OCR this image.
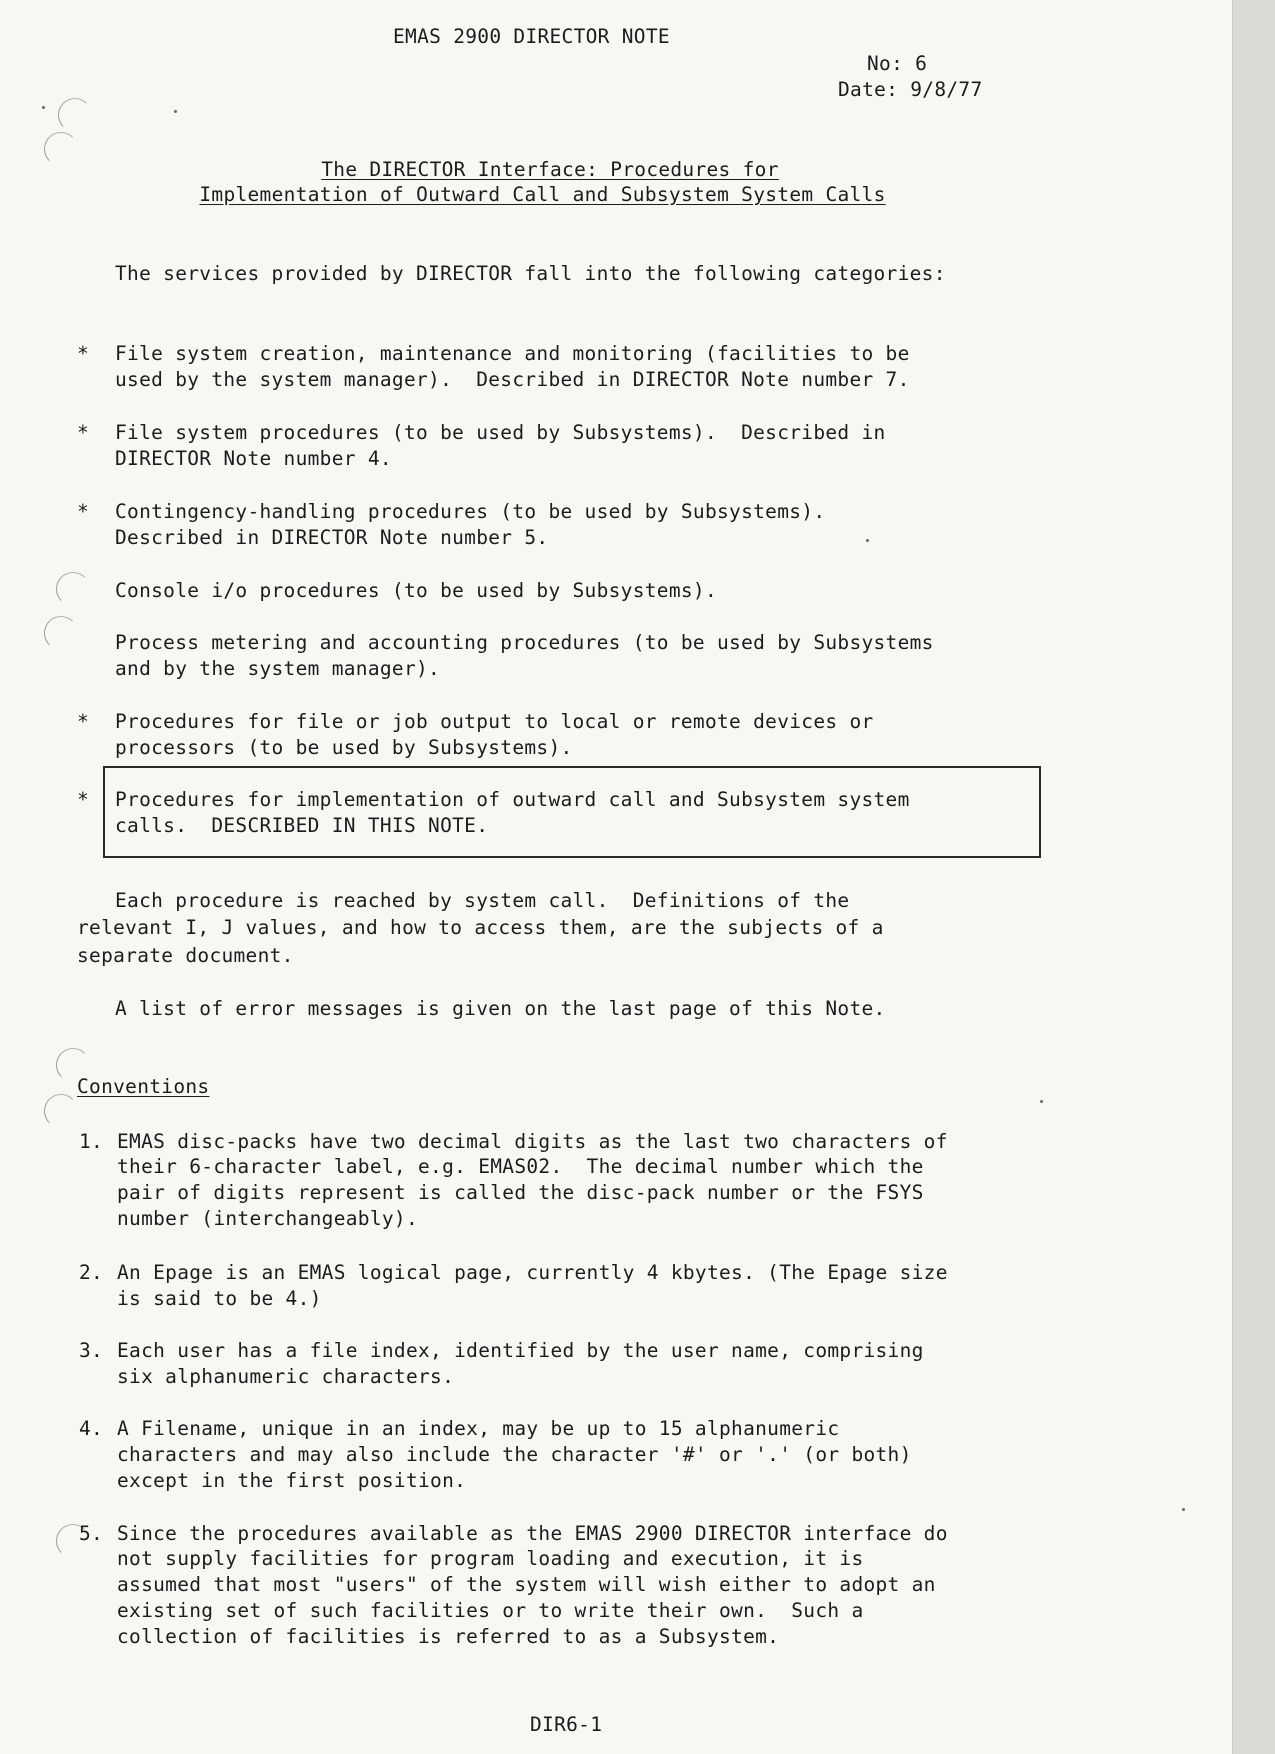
EMAS 2900 DIRECTOR NOTE
No: 6
Date: 9/8/77
The DIRECTOR Interface: Procedures for
Implementation of Outward Call and Subsystem System Calls
The services provided by DIRECTOR fall into the following categories:
* File system creation, maintenance and monitoring (facilities to be
used by the system manager).  Described in DIRECTOR Note number 7.
* File system procedures (to be used by Subsystems).  Described in
DIRECTOR Note number 4.
* Contingency-handling procedures (to be used by Subsystems).
Described in DIRECTOR Note number 5.
Console i/o procedures (to be used by Subsystems).
Process metering and accounting procedures (to be used by Subsystems
and by the system manager).
* Procedures for file or job output to local or remote devices or
processors (to be used by Subsystems).
* Procedures for implementation of outward call and Subsystem system
calls.  DESCRIBED IN THIS NOTE.
Each procedure is reached by system call.  Definitions of the
relevant I, J values, and how to access them, are the subjects of a
separate document.
A list of error messages is given on the last page of this Note.
Conventions
1. EMAS disc-packs have two decimal digits as the last two characters of
their 6-character label, e.g. EMAS02.  The decimal number which the
pair of digits represent is called the disc-pack number or the FSYS
number (interchangeably).
2. An Epage is an EMAS logical page, currently 4 kbytes. (The Epage size
is said to be 4.)
3. Each user has a file index, identified by the user name, comprising
six alphanumeric characters.
4. A Filename, unique in an index, may be up to 15 alphanumeric
characters and may also include the character '#' or '.' (or both)
except in the first position.
5. Since the procedures available as the EMAS 2900 DIRECTOR interface do
not supply facilities for program loading and execution, it is
assumed that most "users" of the system will wish either to adopt an
existing set of such facilities or to write their own.  Such a
collection of facilities is referred to as a Subsystem.
DIR6-1
